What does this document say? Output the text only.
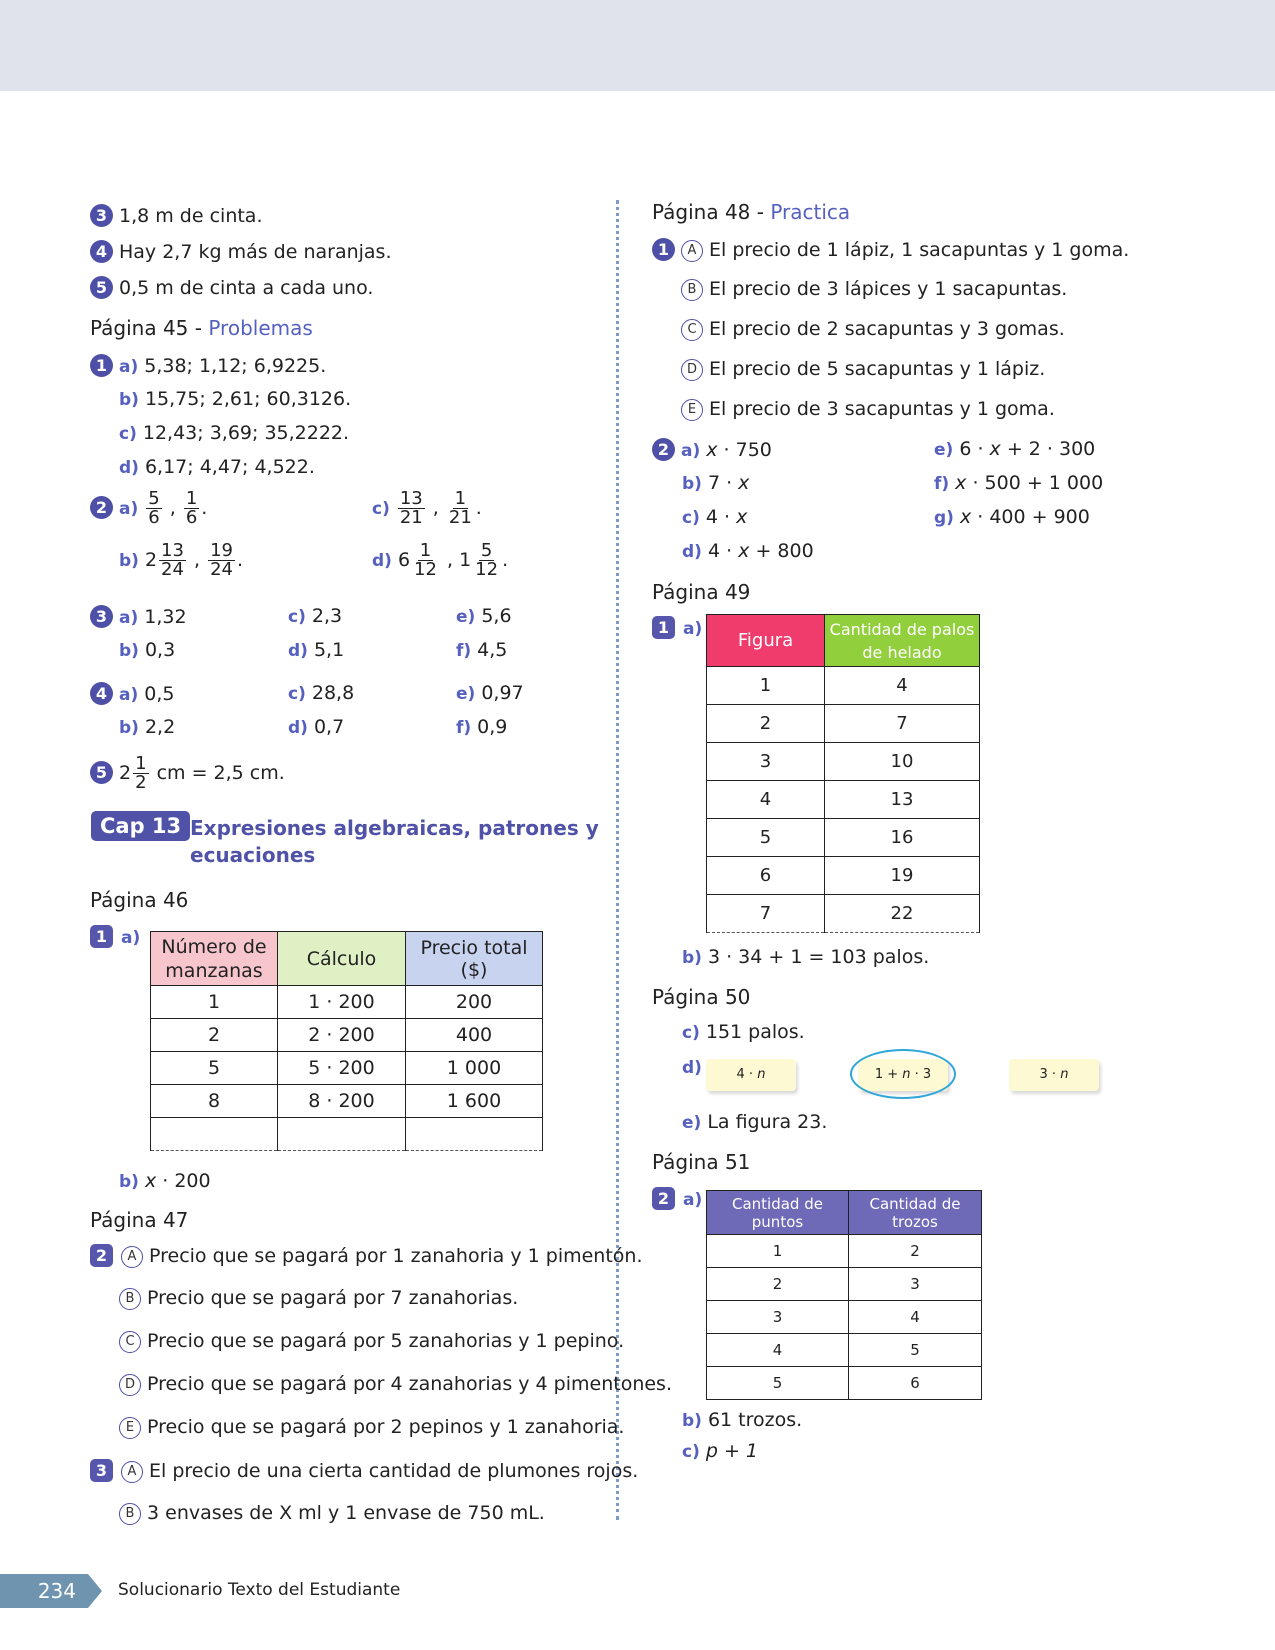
3 1,8 m de cinta.
4 Hay 2,7 kg más de naranjas.
5 0,5 m de cinta a cada uno.
Página 45 - Problemas
1 a) 5,38; 1,12; 6,9225.
b) 15,75; 2,61; 60,3126.
c) 12,43; 3,69; 35,2222.
d) 6,17; 4,47; 4,522.
2 $a) \frac{5}{6}$ , $\frac{1}{6}$ .	$c) \frac{13}{21}$ , $\frac{1}{21}$ .
b) $2 \frac{13}{24}$ , $\frac{19}{24}$ .	d) $6 \frac{1}{12}$ , $1 \frac{5}{12}$ .
3 a) 1,32	c) 2,3	e) 5,6
b) 0,3	d) 5,1	f) 4,5
4 a) 0,5	c) 28,8	e) 0,97
b) 2,2	d) 0,7	f) 0,9
5 $2 \frac{1}{2}$ cm = 2,5 cm.
Cap 13 Expresiones algebraicas, patrones y
ecuaciones
Página 46
1 a)	Número de manzanas	Cálculo	Precio total ($)
1	1 · 200	200
2	2 · 200	400
5	5 · 200	1 000
8	8 · 200	1 600

b) x · 200
Página 47
2 A Precio que se pagará por 1 zanahoria y 1 pimentón.
B Precio que se pagará por 7 zanahorias.
C Precio que se pagará por 5 zanahorias y 1 pepino.
D Precio que se pagará por 4 zanahorias y 4 pimentones.
E Precio que se pagará por 2 pepinos y 1 zanahoria.
3 A El precio de una cierta cantidad de plumones rojos.
B 3 envases de X ml y 1 envase de 750 mL.
Página 48 - Practica
1 A El precio de 1 lápiz, 1 sacapuntas y 1 goma.
B El precio de 3 lápices y 1 sacapuntas.
C El precio de 2 sacapuntas y 3 gomas.
D El precio de 5 sacapuntas y 1 lápiz.
E El precio de 3 sacapuntas y 1 goma.
2 a) x · 750
b) 7 · x
c) 4 · x
d) 4 · x + 800
e) 6 · x + 2 · 300
f) x · 500 + 1 000
g) x · 400 + 900
Página 49
1 a)
Figura	Cantidad de palos de helado
1	4
2	7
3	10
4	13
5	16
6	19
7	22
b) 3 · 34 + 1 = 103 palos.
Página 50
c) 151 palos.
d)	4 · n	1 + n · 3	3 · n
e) La figura 23.
Página 51
2 a)	Cantidad de puntos	Cantidad de trozos
1	2
2	3
3	4
4	5
5	6
b) 61 trozos.
c) p + 1
234	Solucionario Texto del Estudiante
